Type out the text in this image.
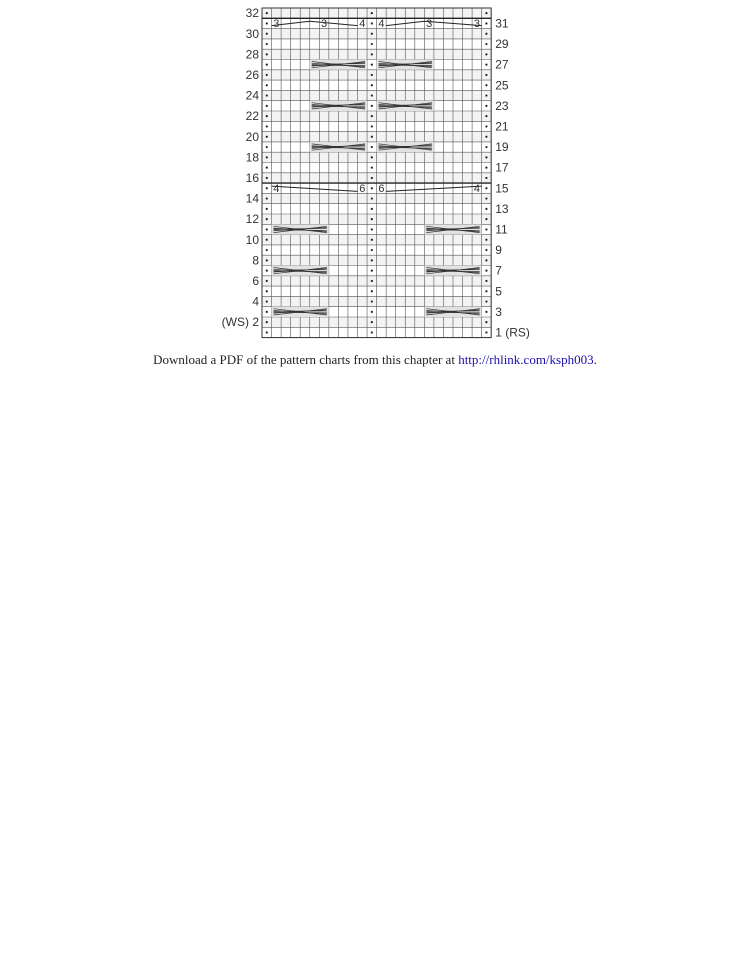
3	3	4 4	3	3
4	6 6	4
32
30
28
26
24
22
20
18
16
14
12
10
8
6
4
(WS) 2
31
29
27
25
23
21
19
17
15
13
11
9
7
5
3
1 (RS)
Download a PDF of the pattern charts from this chapter at http://rhlink.com/ksph003.
